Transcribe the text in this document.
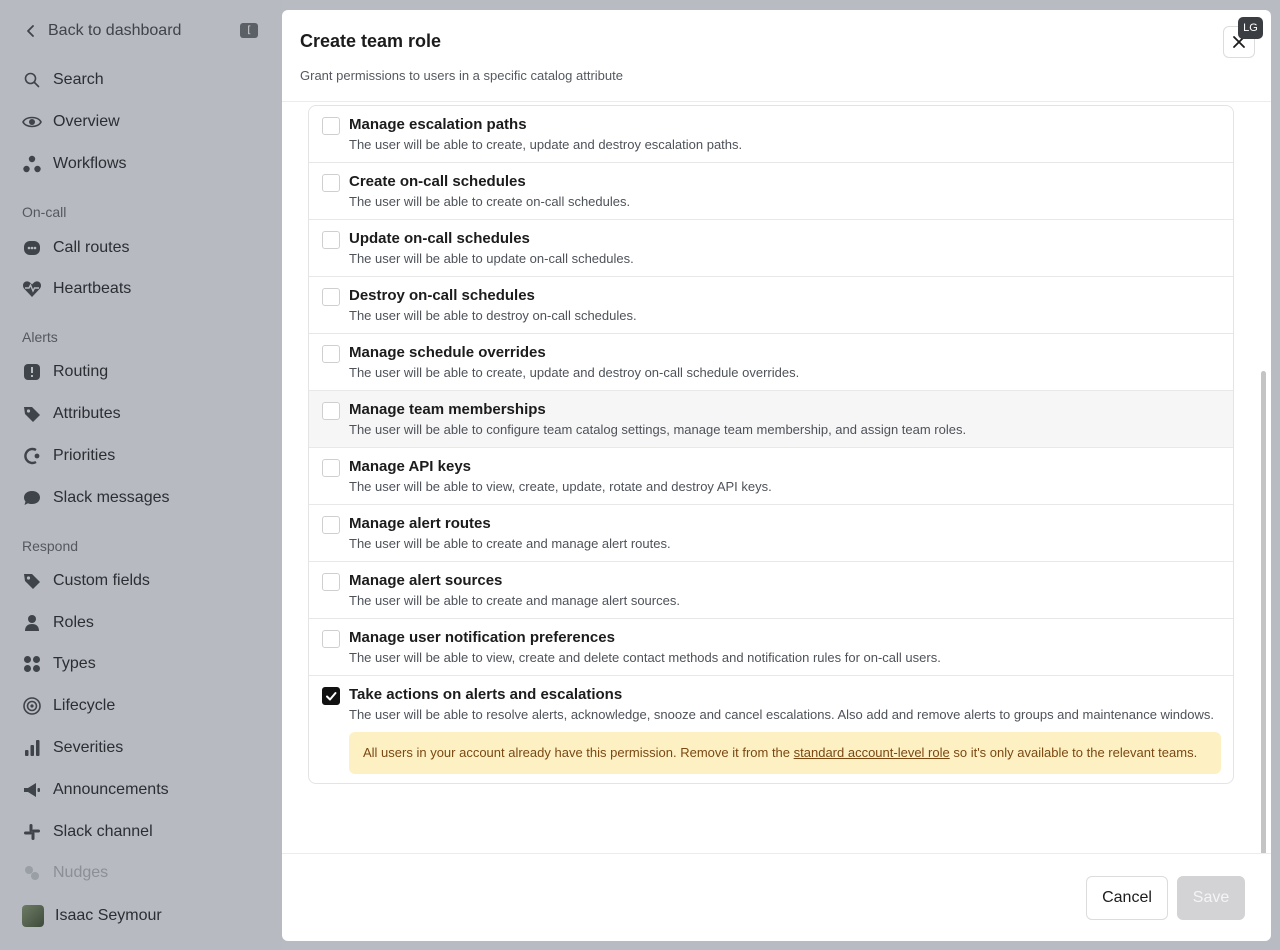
Back to dashboard	[
Search
Overview
Workflows
On-call
Call routes
Heartbeats
Alerts
Routing
Attributes
Priorities
Slack messages
Respond
Custom fields
Roles
Types
Lifecycle
Severities
Announcements
Slack channel
Nudges
Isaac Seymour
Create team role
Grant permissions to users in a specific catalog attribute
LG
Manage escalation paths
The user will be able to create, update and destroy escalation paths.
Create on-call schedules
The user will be able to create on-call schedules.
Update on-call schedules
The user will be able to update on-call schedules.
Destroy on-call schedules
The user will be able to destroy on-call schedules.
Manage schedule overrides
The user will be able to create, update and destroy on-call schedule overrides.
Manage team memberships
The user will be able to configure team catalog settings, manage team membership, and assign team roles.
Manage API keys
The user will be able to view, create, update, rotate and destroy API keys.
Manage alert routes
The user will be able to create and manage alert routes.
Manage alert sources
The user will be able to create and manage alert sources.
Manage user notification preferences
The user will be able to view, create and delete contact methods and notification rules for on-call users.
Take actions on alerts and escalations
The user will be able to resolve alerts, acknowledge, snooze and cancel escalations. Also add and remove alerts to groups and maintenance windows.
All users in your account already have this permission. Remove it from the standard account-level role so it's only available to the relevant teams.
Cancel	Save
